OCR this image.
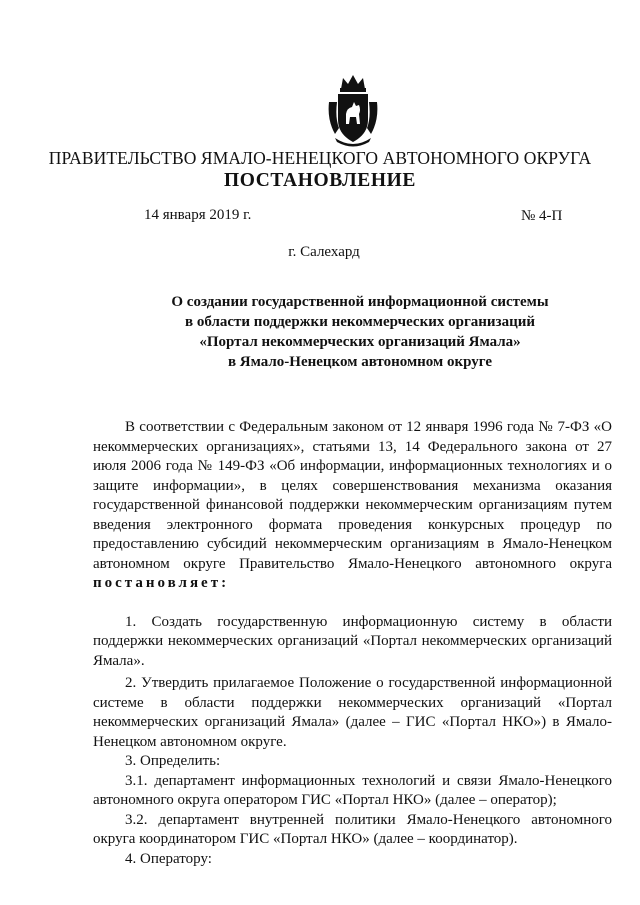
ПРАВИТЕЛЬСТВО ЯМАЛО-НЕНЕЦКОГО АВТОНОМНОГО ОКРУГА
ПОСТАНОВЛЕНИЕ
14 января 2019 г.	№ 4-П
г. Салехард
О создании государственной информационной системы
в области поддержки некоммерческих организаций
«Портал некоммерческих организаций Ямала»
в Ямало-Ненецком автономном округе

В соответствии с Федеральным законом от 12 января 1996 года № 7-ФЗ «О некоммерческих организациях», статьями 13, 14 Федерального закона от 27 июля 2006 года № 149-ФЗ «Об информации, информационных технологиях и о защите информации», в целях совершенствования механизма оказания государственной финансовой поддержки некоммерческим организациям путем введения электронного формата проведения конкурсных процедур по предоставлению субсидий некоммерческим организациям в Ямало-Ненецком автономном округе Правительство Ямало-Ненецкого автономного округа постановляет:

1. Создать государственную информационную систему в области поддержки некоммерческих организаций «Портал некоммерческих организаций Ямала».

2. Утвердить прилагаемое Положение о государственной информационной системе в области поддержки некоммерческих организаций «Портал некоммерческих организаций Ямала» (далее – ГИС «Портал НКО») в Ямало-Ненецком автономном округе.

3. Определить:

3.1. департамент информационных технологий и связи Ямало-Ненецкого автономного округа оператором ГИС «Портал НКО» (далее – оператор);

3.2. департамент внутренней политики Ямало-Ненецкого автономного округа координатором ГИС «Портал НКО» (далее – координатор).

4. Оператору:
